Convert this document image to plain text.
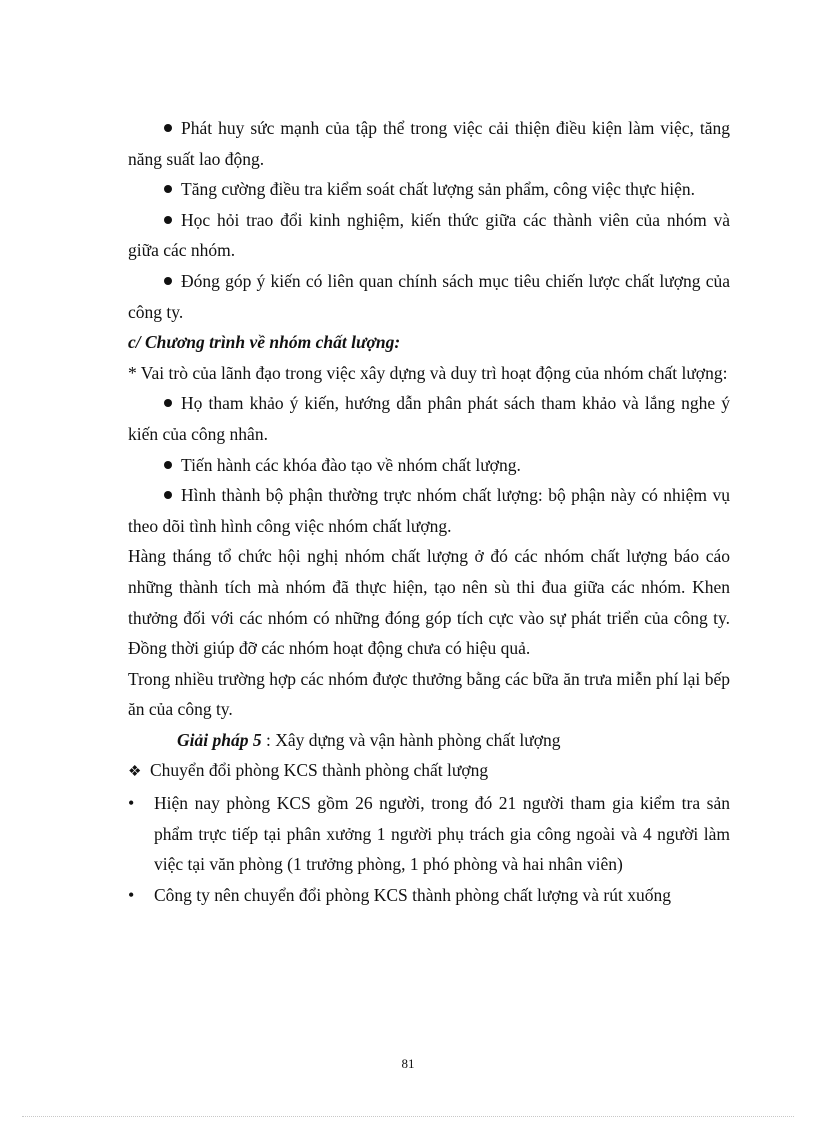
Phát huy sức mạnh của tập thể trong việc cải thiện điều kiện làm việc, tăng năng suất lao động.

Tăng cường điều tra kiểm soát chất lượng sản phẩm, công việc thực hiện.

Học hỏi trao đổi kinh nghiệm, kiến thức giữa các thành viên của nhóm và giữa các nhóm.

Đóng góp ý kiến có liên quan chính sách mục tiêu chiến lược chất lượng của công ty.

c/ Chương trình về nhóm chất lượng:

* Vai trò của lãnh đạo trong việc xây dựng và duy trì hoạt động của nhóm chất lượng:

Họ tham khảo ý kiến, hướng dẫn phân phát sách tham khảo và lắng nghe ý kiến của công nhân.

Tiến hành các khóa đào tạo về nhóm chất lượng.

Hình thành bộ phận thường trực nhóm chất lượng: bộ phận này có nhiệm vụ theo dõi tình hình công việc nhóm chất lượng.

Hàng tháng tổ chức hội nghị nhóm chất lượng ở đó các nhóm chất lượng báo cáo những thành tích mà nhóm đã thực hiện, tạo nên sù thi đua giữa các nhóm. Khen thưởng đối với các nhóm có những đóng góp tích cực vào sự phát triển của công ty. Đồng thời giúp đỡ các nhóm hoạt động chưa có hiệu quả.

Trong nhiều trường hợp các nhóm được thưởng bằng các bữa ăn trưa miễn phí lại bếp ăn của công ty.

Giải pháp 5 : Xây dựng và vận hành phòng chất lượng

❖ Chuyển đổi phòng KCS thành phòng chất lượng
•	Hiện nay phòng KCS gồm 26 người, trong đó 21 người tham gia kiểm tra sản phẩm trực tiếp tại phân xưởng 1 người phụ trách gia công ngoài và 4 người làm việc tại văn phòng (1 trưởng phòng, 1 phó phòng và hai nhân viên)
•	Công ty nên chuyển đổi phòng KCS thành phòng chất lượng và rút xuống
81
